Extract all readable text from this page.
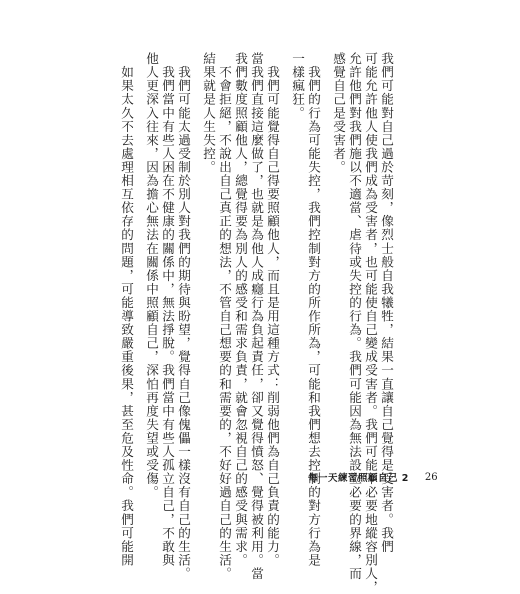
我們可能對自己過於苛刻，像烈士般自我犧牲，結果一直讓自己覺得是受害者。我們
可能允許他人使我們成為受害者，也可能使自己變成受害者。我們可能不必要地縱容別人，
允許他們對我們施以不適當、虐待或失控的行為。我們可能因為無法設立必要的界線，而
感覺自己是受害者。
　我們的行為可能失控，我們控制對方的所作所為，可能和我們想去控制的對方行為是
一樣瘋狂。
　我們可能覺得自己得要照顧他人，而且是用這種方式：削弱他們為自己負責的能力。
當我們直接這麼做了，也就是為他人成癮行為負起責任，卻又覺得憤怒、覺得被利用。當
我們數度照顧他人，總覺得要為別人的感受和需求負責，就會忽視自己的感受與需求。
　不會拒絕，不說出自己真正的想法，不管自己想要的和需要的，不好好過自己的生活。
結果就是人生失控。
　我們可能太過受制於別人對我們的期待與盼望，覺得自己像傀儡一樣沒有自己的生活。
　我們當中有些人困在不健康的關係中，無法掙脫。我們當中有些人孤立自己，不敢與
他人更深入往來，因為擔心無法在關係中照顧自己，深怕再度失望或受傷。
　如果太久不去處理相互依存的問題，可能導致嚴重後果，甚至危及性命。我們可能開	每一天練習照顧自己 2 26
